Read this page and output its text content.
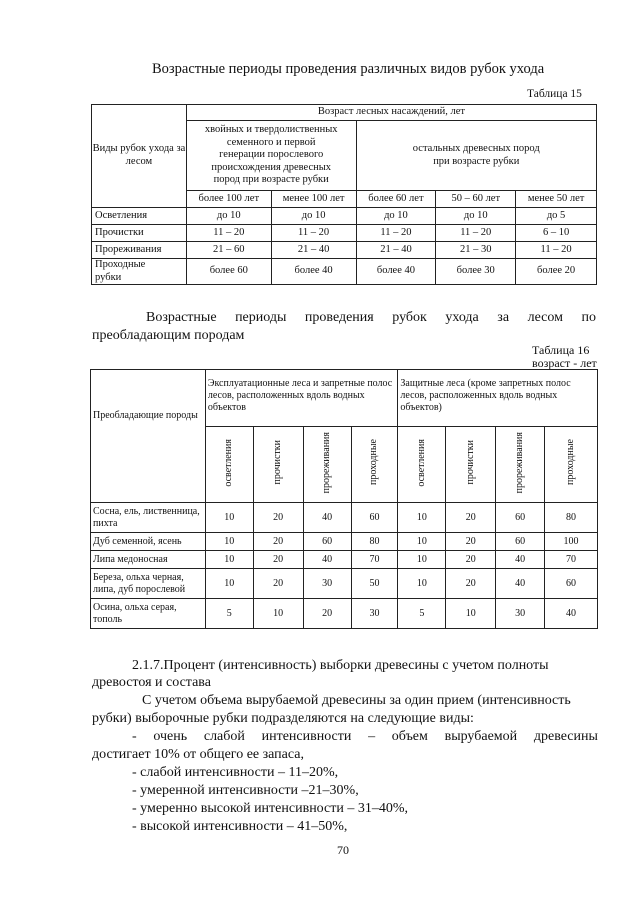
Возрастные периоды проведения различных видов рубок ухода
Таблица 15
Виды рубок ухода за лесом	Возраст лесных насаждений, лет				
	хвойных и твердолиственных семенного и первой генерации порослевого происхождения древесных пород при возрасте рубки		остальных древесных пород при возрасте рубки		
	более 100 лет	менее 100 лет	более 60 лет	50 – 60 лет	менее 50 лет
Осветления	до 10	до 10	до 10	до 10	до 5
Прочистки	11 – 20	11 – 20	11 – 20	11 – 20	6 – 10
Прореживания	21 – 60	21 – 40	21 – 40	21 – 30	11 – 20
Проходные рубки	более 60	более 40	более 40	более 30	более 20
Возрастные периоды проведения рубок ухода за лесом по
преобладающим породам
Таблица 16
возраст - лет
Преобладающие породы	Эксплуатационные леса и запретные полос лесов, расположенных вдоль водных объектов				Защитные леса (кроме запретных полос лесов, расположенных вдоль водных объектов)			
	осветления	прочистки	прореживания	проходные	осветления	прочистки	прореживания	проходные
Сосна, ель, лиственница, пихта	10	20	40	60	10	20	60	80
Дуб семенной, ясень	10	20	60	80	10	20	60	100
Липа медоносная	10	20	40	70	10	20	40	70
Береза, ольха черная, липа, дуб порослевой	10	20	30	50	10	20	40	60
Осина, ольха серая, тополь	5	10	20	30	5	10	30	40
2.1.7.Процент (интенсивность) выборки древесины с учетом полноты
древостоя и состава
С учетом объема вырубаемой древесины за один прием (интенсивность
рубки) выборочные рубки подразделяются на следующие виды:
- очень слабой интенсивности – объем вырубаемой древесины
достигает 10% от общего ее запаса,
- слабой интенсивности – 11–20%,
- умеренной интенсивности –21–30%,
- умеренно высокой интенсивности – 31–40%,
- высокой интенсивности – 41–50%,
70
